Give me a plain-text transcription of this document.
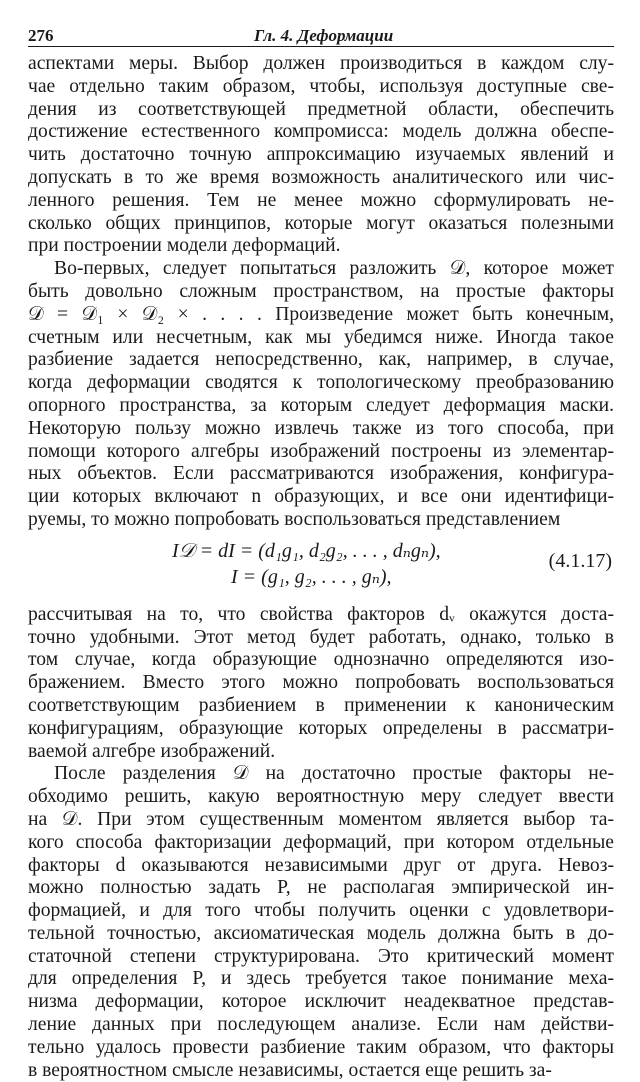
276	Гл. 4. Деформации

аспектами меры. Выбор должен производиться в каждом слу-
чае отдельно таким образом, чтобы, используя доступные све-
дения из соответствующей предметной области, обеспечить
достижение естественного компромисса: модель должна обеспе-
чить достаточно точную аппроксимацию изучаемых явлений и
допускать в то же время возможность аналитического или чис-
ленного решения. Тем не менее можно сформулировать не-
сколько общих принципов, которые могут оказаться полезными
при построении модели деформаций.

Во-первых, следует попытаться разложить 𝒟, которое может
быть довольно сложным пространством, на простые факторы
𝒟 = 𝒟₁ × 𝒟₂ × . . . . Произведение может быть конечным,
счетным или несчетным, как мы убедимся ниже. Иногда такое
разбиение задается непосредственно, как, например, в случае,
когда деформации сводятся к топологическому преобразованию
опорного пространства, за которым следует деформация маски.
Некоторую пользу можно извлечь также из того способа, при
помощи которого алгебры изображений построены из элементар-
ных объектов. Если рассматриваются изображения, конфигура-
ции которых включают n образующих, и все они идентифици-
руемы, то можно попробовать воспользоваться представлением

I𝒟 = dI = (d₁g₁, d₂g₂, . . . , dₙgₙ),
I = (g₁, g₂, . . . , gₙ),
(4.1.17)

рассчитывая на то, что свойства факторов dᵥ окажутся доста-
точно удобными. Этот метод будет работать, однако, только в
том случае, когда образующие однозначно определяются изо-
бражением. Вместо этого можно попробовать воспользоваться
соответствующим разбиением в применении к каноническим
конфигурациям, образующие которых определены в рассматри-
ваемой алгебре изображений.

После разделения 𝒟 на достаточно простые факторы не-
обходимо решить, какую вероятностную меру следует ввести
на 𝒟. При этом существенным моментом является выбор та-
кого способа факторизации деформаций, при котором отдельные
факторы d оказываются независимыми друг от друга. Невоз-
можно полностью задать P, не располагая эмпирической ин-
формацией, и для того чтобы получить оценки с удовлетвори-
тельной точностью, аксиоматическая модель должна быть в до-
статочной степени структурирована. Это критический момент
для определения P, и здесь требуется такое понимание меха-
низма деформации, которое исключит неадекватное представ-
ление данных при последующем анализе. Если нам действи-
тельно удалось провести разбиение таким образом, что факторы
в вероятностном смысле независимы, остается еще решить за-
